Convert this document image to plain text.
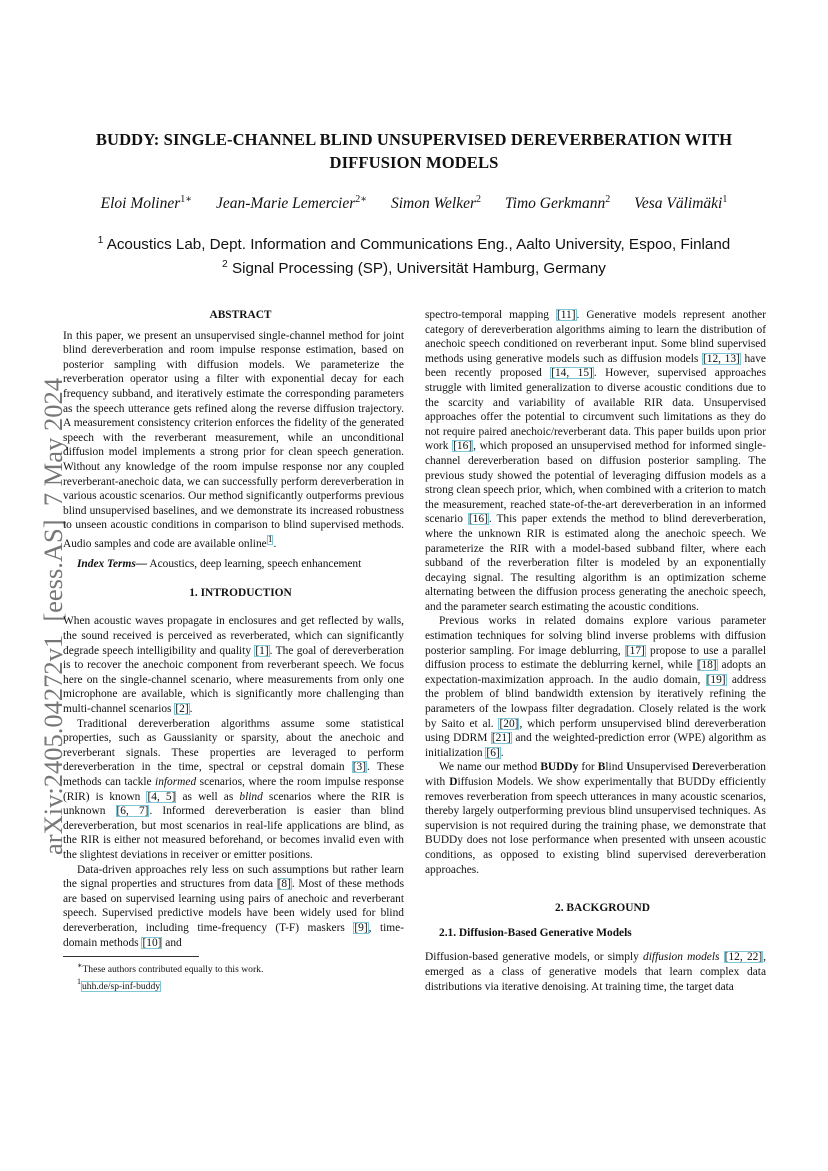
arXiv:2405.04272v1  [eess.AS]  7 May 2024
BUDDY: SINGLE-CHANNEL BLIND UNSUPERVISED DEREVERBERATION WITH
DIFFUSION MODELS
Eloi Moliner$^{1∗}$ Jean-Marie Lemercier$^{2∗}$ Simon Welker$^2$ Timo Gerkmann$^2$ Vesa Välimäki$^1$
$^1$ Acoustics Lab, Dept. Information and Communications Eng., Aalto University, Espoo, Finland
$^2$ Signal Processing (SP), Universität Hamburg, Germany

ABSTRACT

In this paper, we present an unsupervised single-channel method for joint blind dereverberation and room impulse response estimation, based on posterior sampling with diffusion models. We parameterize the reverberation operator using a filter with exponential decay for each frequency subband, and iteratively estimate the corresponding parameters as the speech utterance gets refined along the reverse diffusion trajectory. A measurement consistency criterion enforces the fidelity of the generated speech with the reverberant measurement, while an unconditional diffusion model implements a strong prior for clean speech generation. Without any knowledge of the room impulse response nor any coupled reverberant-anechoic data, we can successfully perform dereverberation in various acoustic scenarios. Our method significantly outperforms previous blind unsupervised baselines, and we demonstrate its increased robustness to unseen acoustic conditions in comparison to blind supervised methods. Audio samples and code are available online$^1$.

Index Terms— Acoustics, deep learning, speech enhancement

1. INTRODUCTION

When acoustic waves propagate in enclosures and get reflected by walls, the sound received is perceived as reverberated, which can significantly degrade speech intelligibility and quality [1]. The goal of dereverberation is to recover the anechoic component from reverberant speech. We focus here on the single-channel scenario, where measurements from only one microphone are available, which is significantly more challenging than multi-channel scenarios [2].

Traditional dereverberation algorithms assume some statistical properties, such as Gaussianity or sparsity, about the anechoic and reverberant signals. These properties are leveraged to perform dereverberation in the time, spectral or cepstral domain [3]. These methods can tackle informed scenarios, where the room impulse response (RIR) is known [4, 5] as well as blind scenarios where the RIR is unknown [6, 7]. Informed dereverberation is easier than blind dereverberation, but most scenarios in real-life applications are blind, as the RIR is either not measured beforehand, or becomes invalid even with the slightest deviations in receiver or emitter positions.

Data-driven approaches rely less on such assumptions but rather learn the signal properties and structures from data [8]. Most of these methods are based on supervised learning using pairs of anechoic and reverberant speech. Supervised predictive models have been widely used for blind dereverberation, including time-frequency (T-F) maskers [9], time-domain methods [10] and

∗These authors contributed equally to this work.

$^1$uhh.de/sp-inf-buddy

spectro-temporal mapping [11]. Generative models represent another category of dereverberation algorithms aiming to learn the distribution of anechoic speech conditioned on reverberant input. Some blind supervised methods using generative models such as diffusion models [12, 13] have been recently proposed [14, 15]. However, supervised approaches struggle with limited generalization to diverse acoustic conditions due to the scarcity and variability of available RIR data. Unsupervised approaches offer the potential to circumvent such limitations as they do not require paired anechoic/reverberant data. This paper builds upon prior work [16], which proposed an unsupervised method for informed single-channel dereverberation based on diffusion posterior sampling. The previous study showed the potential of leveraging diffusion models as a strong clean speech prior, which, when combined with a criterion to match the measurement, reached state-of-the-art dereverberation in an informed scenario [16]. This paper extends the method to blind dereverberation, where the unknown RIR is estimated along the anechoic speech. We parameterize the RIR with a model-based subband filter, where each subband of the reverberation filter is modeled by an exponentially decaying signal. The resulting algorithm is an optimization scheme alternating between the diffusion process generating the anechoic speech, and the parameter search estimating the acoustic conditions.

Previous works in related domains explore various parameter estimation techniques for solving blind inverse problems with diffusion posterior sampling. For image deblurring, [17] propose to use a parallel diffusion process to estimate the deblurring kernel, while [18] adopts an expectation-maximization approach. In the audio domain, [19] address the problem of blind bandwidth extension by iteratively refining the parameters of the lowpass filter degradation. Closely related is the work by Saito et al. [20], which perform unsupervised blind dereverberation using DDRM [21] and the weighted-prediction error (WPE) algorithm as initialization [6].

We name our method BUDDy for Blind Unsupervised Dereverberation with Diffusion Models. We show experimentally that BUDDy efficiently removes reverberation from speech utterances in many acoustic scenarios, thereby largely outperforming previous blind unsupervised techniques. As supervision is not required during the training phase, we demonstrate that BUDDy does not lose performance when presented with unseen acoustic conditions, as opposed to existing blind supervised dereverberation approaches.

2. BACKGROUND

2.1. Diffusion-Based Generative Models

Diffusion-based generative models, or simply diffusion models [12, 22], emerged as a class of generative models that learn complex data distributions via iterative denoising. At training time, the target data
